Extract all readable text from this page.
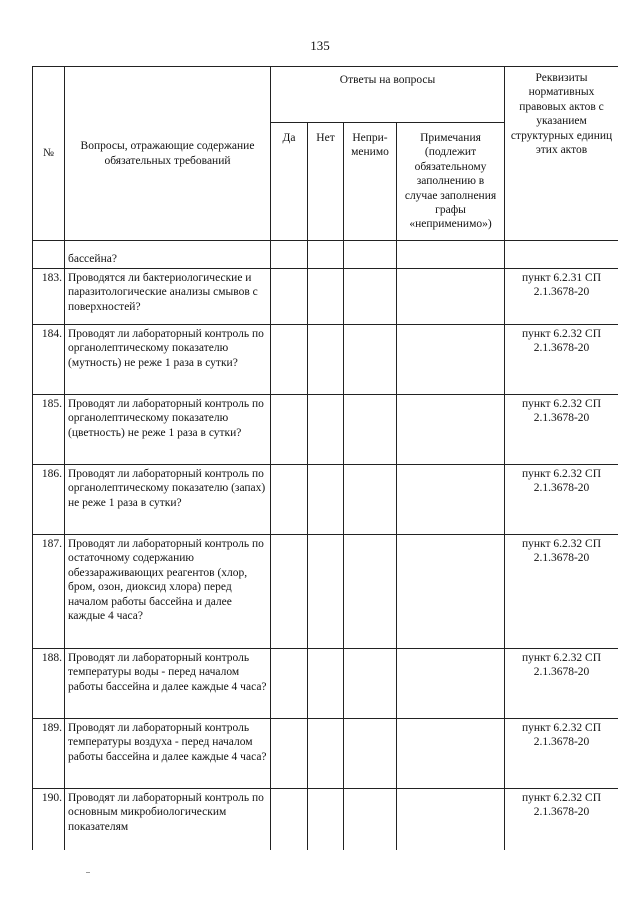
135
№	Вопросы, отражающие содержание обязательных требований	Ответы на вопросы				Реквизиты нормативных правовых актов с указанием структурных единиц этих актов
		Да	Нет	Непри- менимо	Примечания (подлежит обязательному заполнению в случае заполнения графы «неприменимо»)	
	бассейна?					
183.	Проводятся ли бактериологические и паразитологические анализы смывов с поверхностей?					пункт 6.2.31 СП 2.1.3678-20
184.	Проводят ли лабораторный контроль по органолептическому показателю (мутность) не реже 1 раза в сутки?					пункт 6.2.32 СП 2.1.3678-20
185.	Проводят ли лабораторный контроль по органолептическому показателю (цветность) не реже 1 раза в сутки?					пункт 6.2.32 СП 2.1.3678-20
186.	Проводят ли лабораторный контроль по органолептическому показателю (запах) не реже 1 раза в сутки?					пункт 6.2.32 СП 2.1.3678-20
187.	Проводят ли лабораторный контроль по остаточному содержанию обеззараживающих реагентов (хлор, бром, озон, диоксид хлора) перед началом работы бассейна и далее каждые 4 часа?					пункт 6.2.32 СП 2.1.3678-20
188.	Проводят ли лабораторный контроль температуры воды - перед началом работы бассейна и далее каждые 4 часа?					пункт 6.2.32 СП 2.1.3678-20
189.	Проводят ли лабораторный контроль температуры воздуха - перед началом работы бассейна и далее каждые 4 часа?					пункт 6.2.32 СП 2.1.3678-20
190.	Проводят ли лабораторный контроль по основным микробиологическим показателям					пункт 6.2.32 СП 2.1.3678-20
